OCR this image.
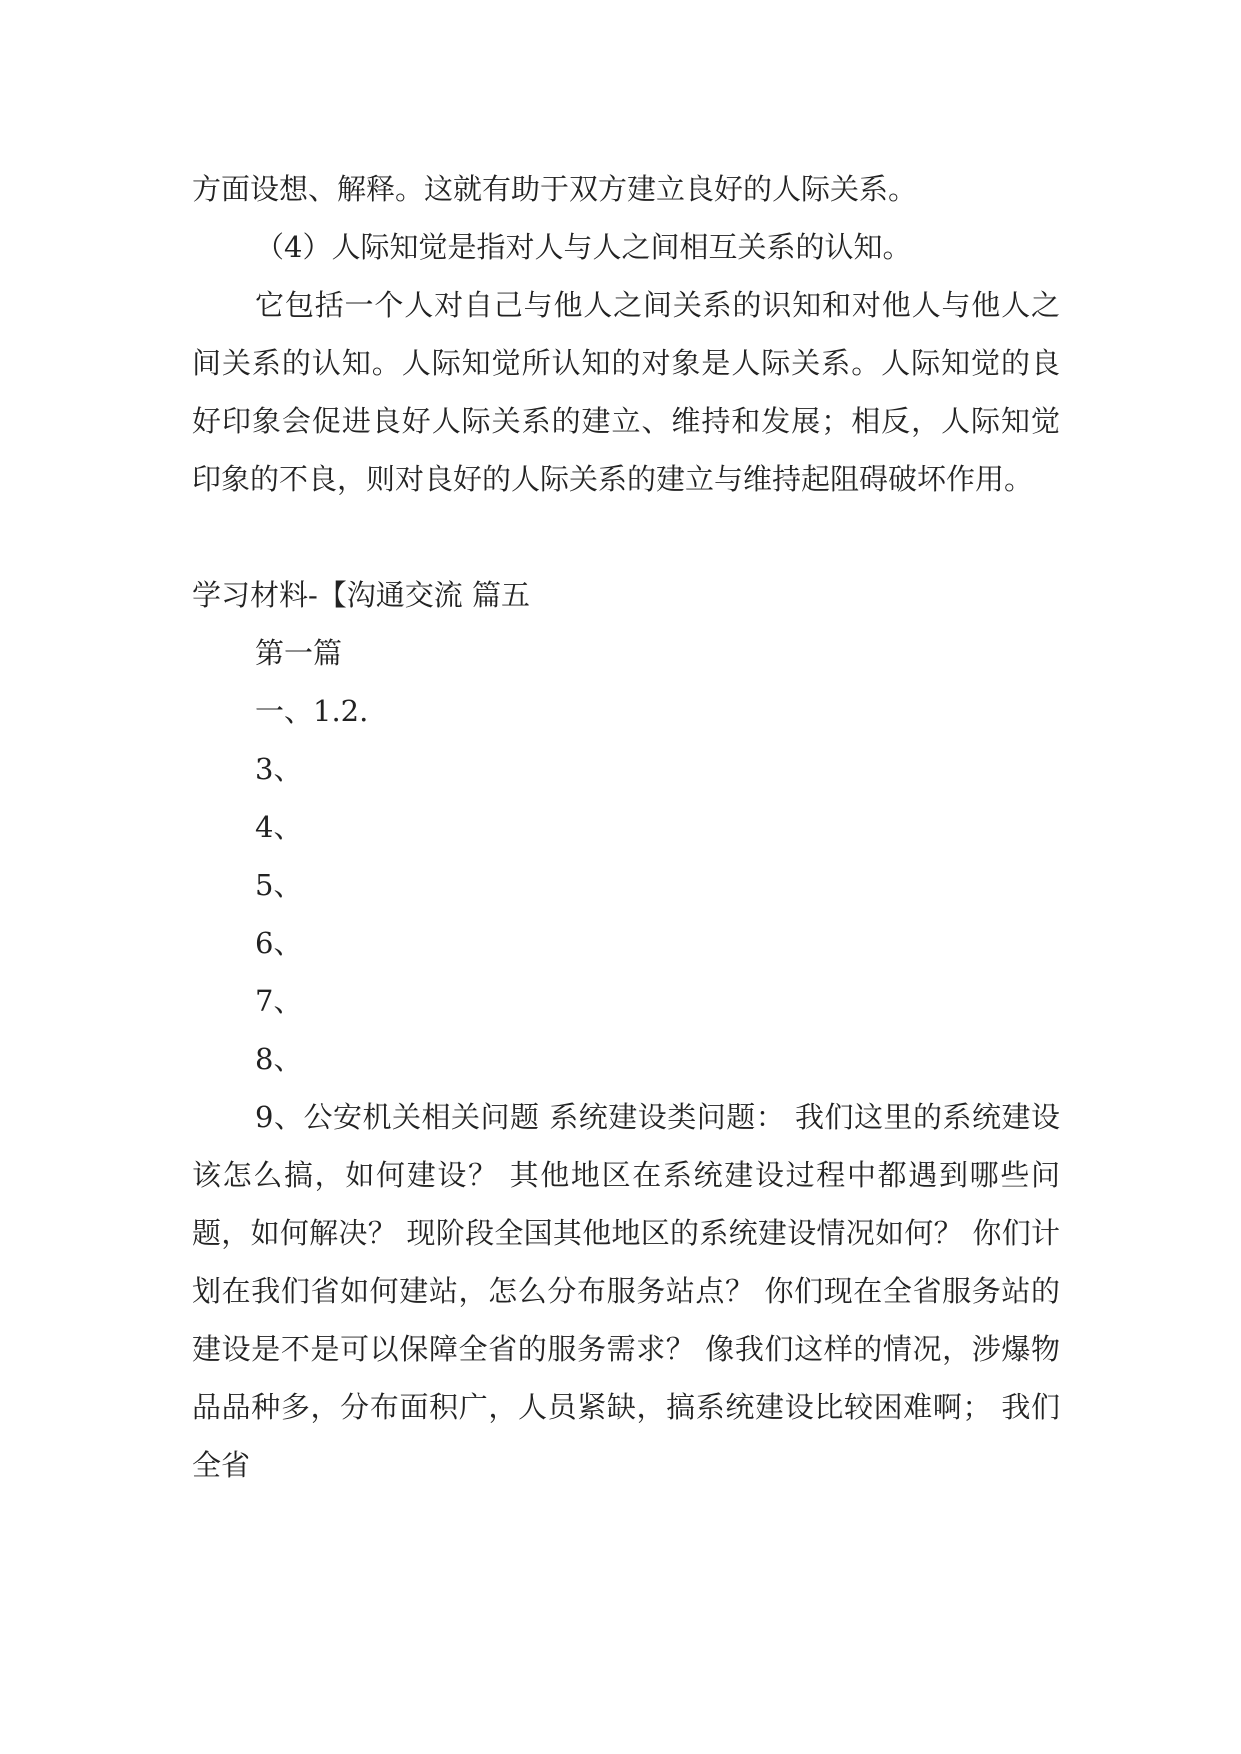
方面设想、解释。这就有助于双方建立良好的人际关系。

（4）人际知觉是指对人与人之间相互关系的认知。

它包括一个人对自己与他人之间关系的识知和对他人与他人之间关系的认知。人际知觉所认知的对象是人际关系。人际知觉的良好印象会促进良好人际关系的建立、维持和发展；相反，人际知觉印象的不良，则对良好的人际关系的建立与维持起阻碍破坏作用。

学习材料-【沟通交流 篇五

第一篇

一、1.2.

3、

4、

5、

6、

7、

8、

9、公安机关相关问题 系统建设类问题： 我们这里的系统建设该怎么搞，如何建设？ 其他地区在系统建设过程中都遇到哪些问题，如何解决？ 现阶段全国其他地区的系统建设情况如何？ 你们计划在我们省如何建站，怎么分布服务站点？ 你们现在全省服务站的建设是不是可以保障全省的服务需求？ 像我们这样的情况，涉爆物品品种多，分布面积广，人员紧缺，搞系统建设比较困难啊； 我们全省
